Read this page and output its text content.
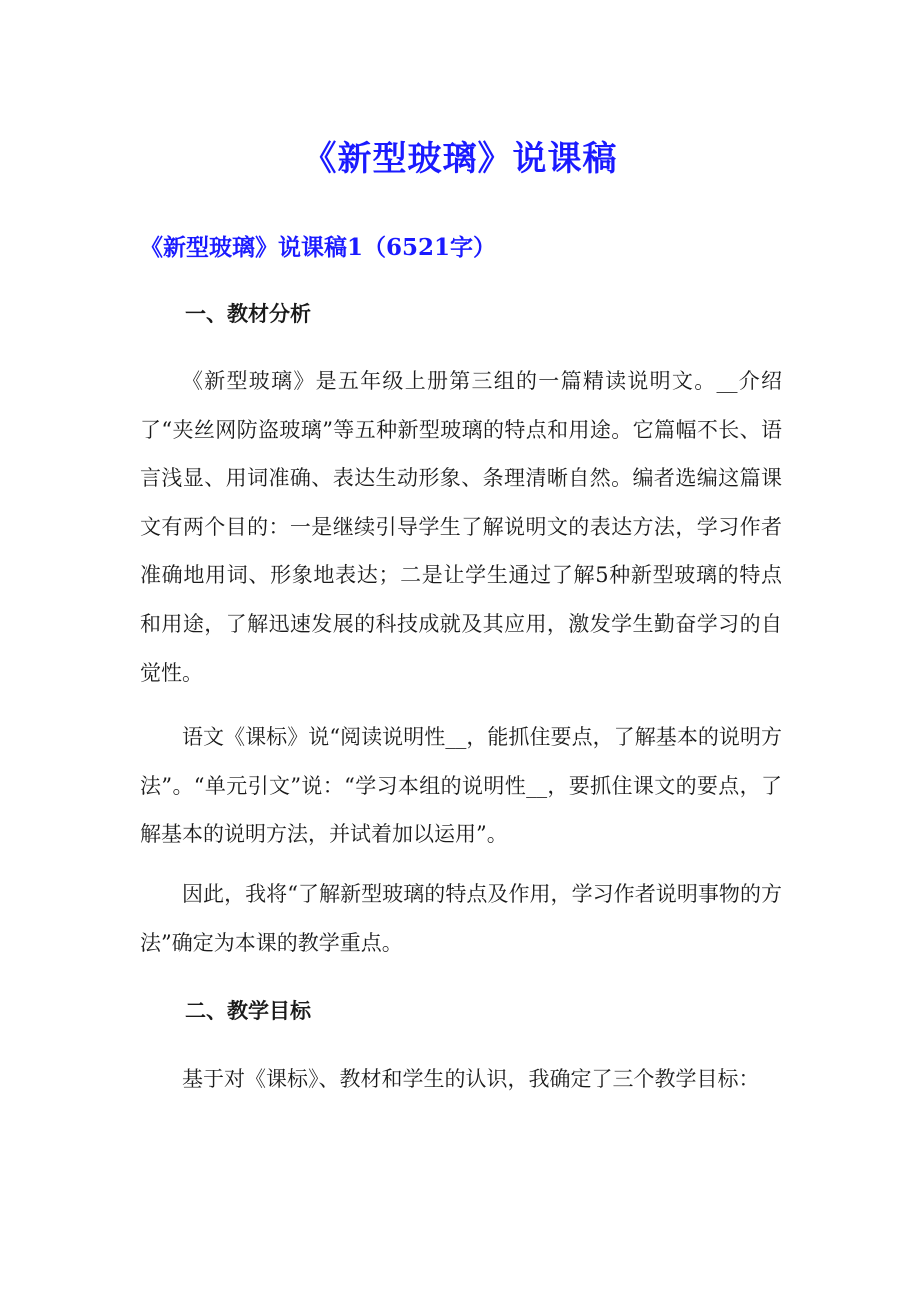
《新型玻璃》说课稿
《新型玻璃》说课稿1（6521字）
一、教材分析

《新型玻璃》是五年级上册第三组的一篇精读说明文。__介绍了“夹丝网防盗玻璃”等五种新型玻璃的特点和用途。它篇幅不长、语言浅显、用词准确、表达生动形象、条理清晰自然。编者选编这篇课文有两个目的：一是继续引导学生了解说明文的表达方法，学习作者准确地用词、形象地表达；二是让学生通过了解5种新型玻璃的特点和用途，了解迅速发展的科技成就及其应用，激发学生勤奋学习的自觉性。

语文《课标》说“阅读说明性__，能抓住要点，了解基本的说明方法”。“单元引文”说：“学习本组的说明性__，要抓住课文的要点，了解基本的说明方法，并试着加以运用”。

因此，我将“了解新型玻璃的特点及作用，学习作者说明事物的方法”确定为本课的教学重点。

二、教学目标

基于对《课标》、教材和学生的认识，我确定了三个教学目标：
